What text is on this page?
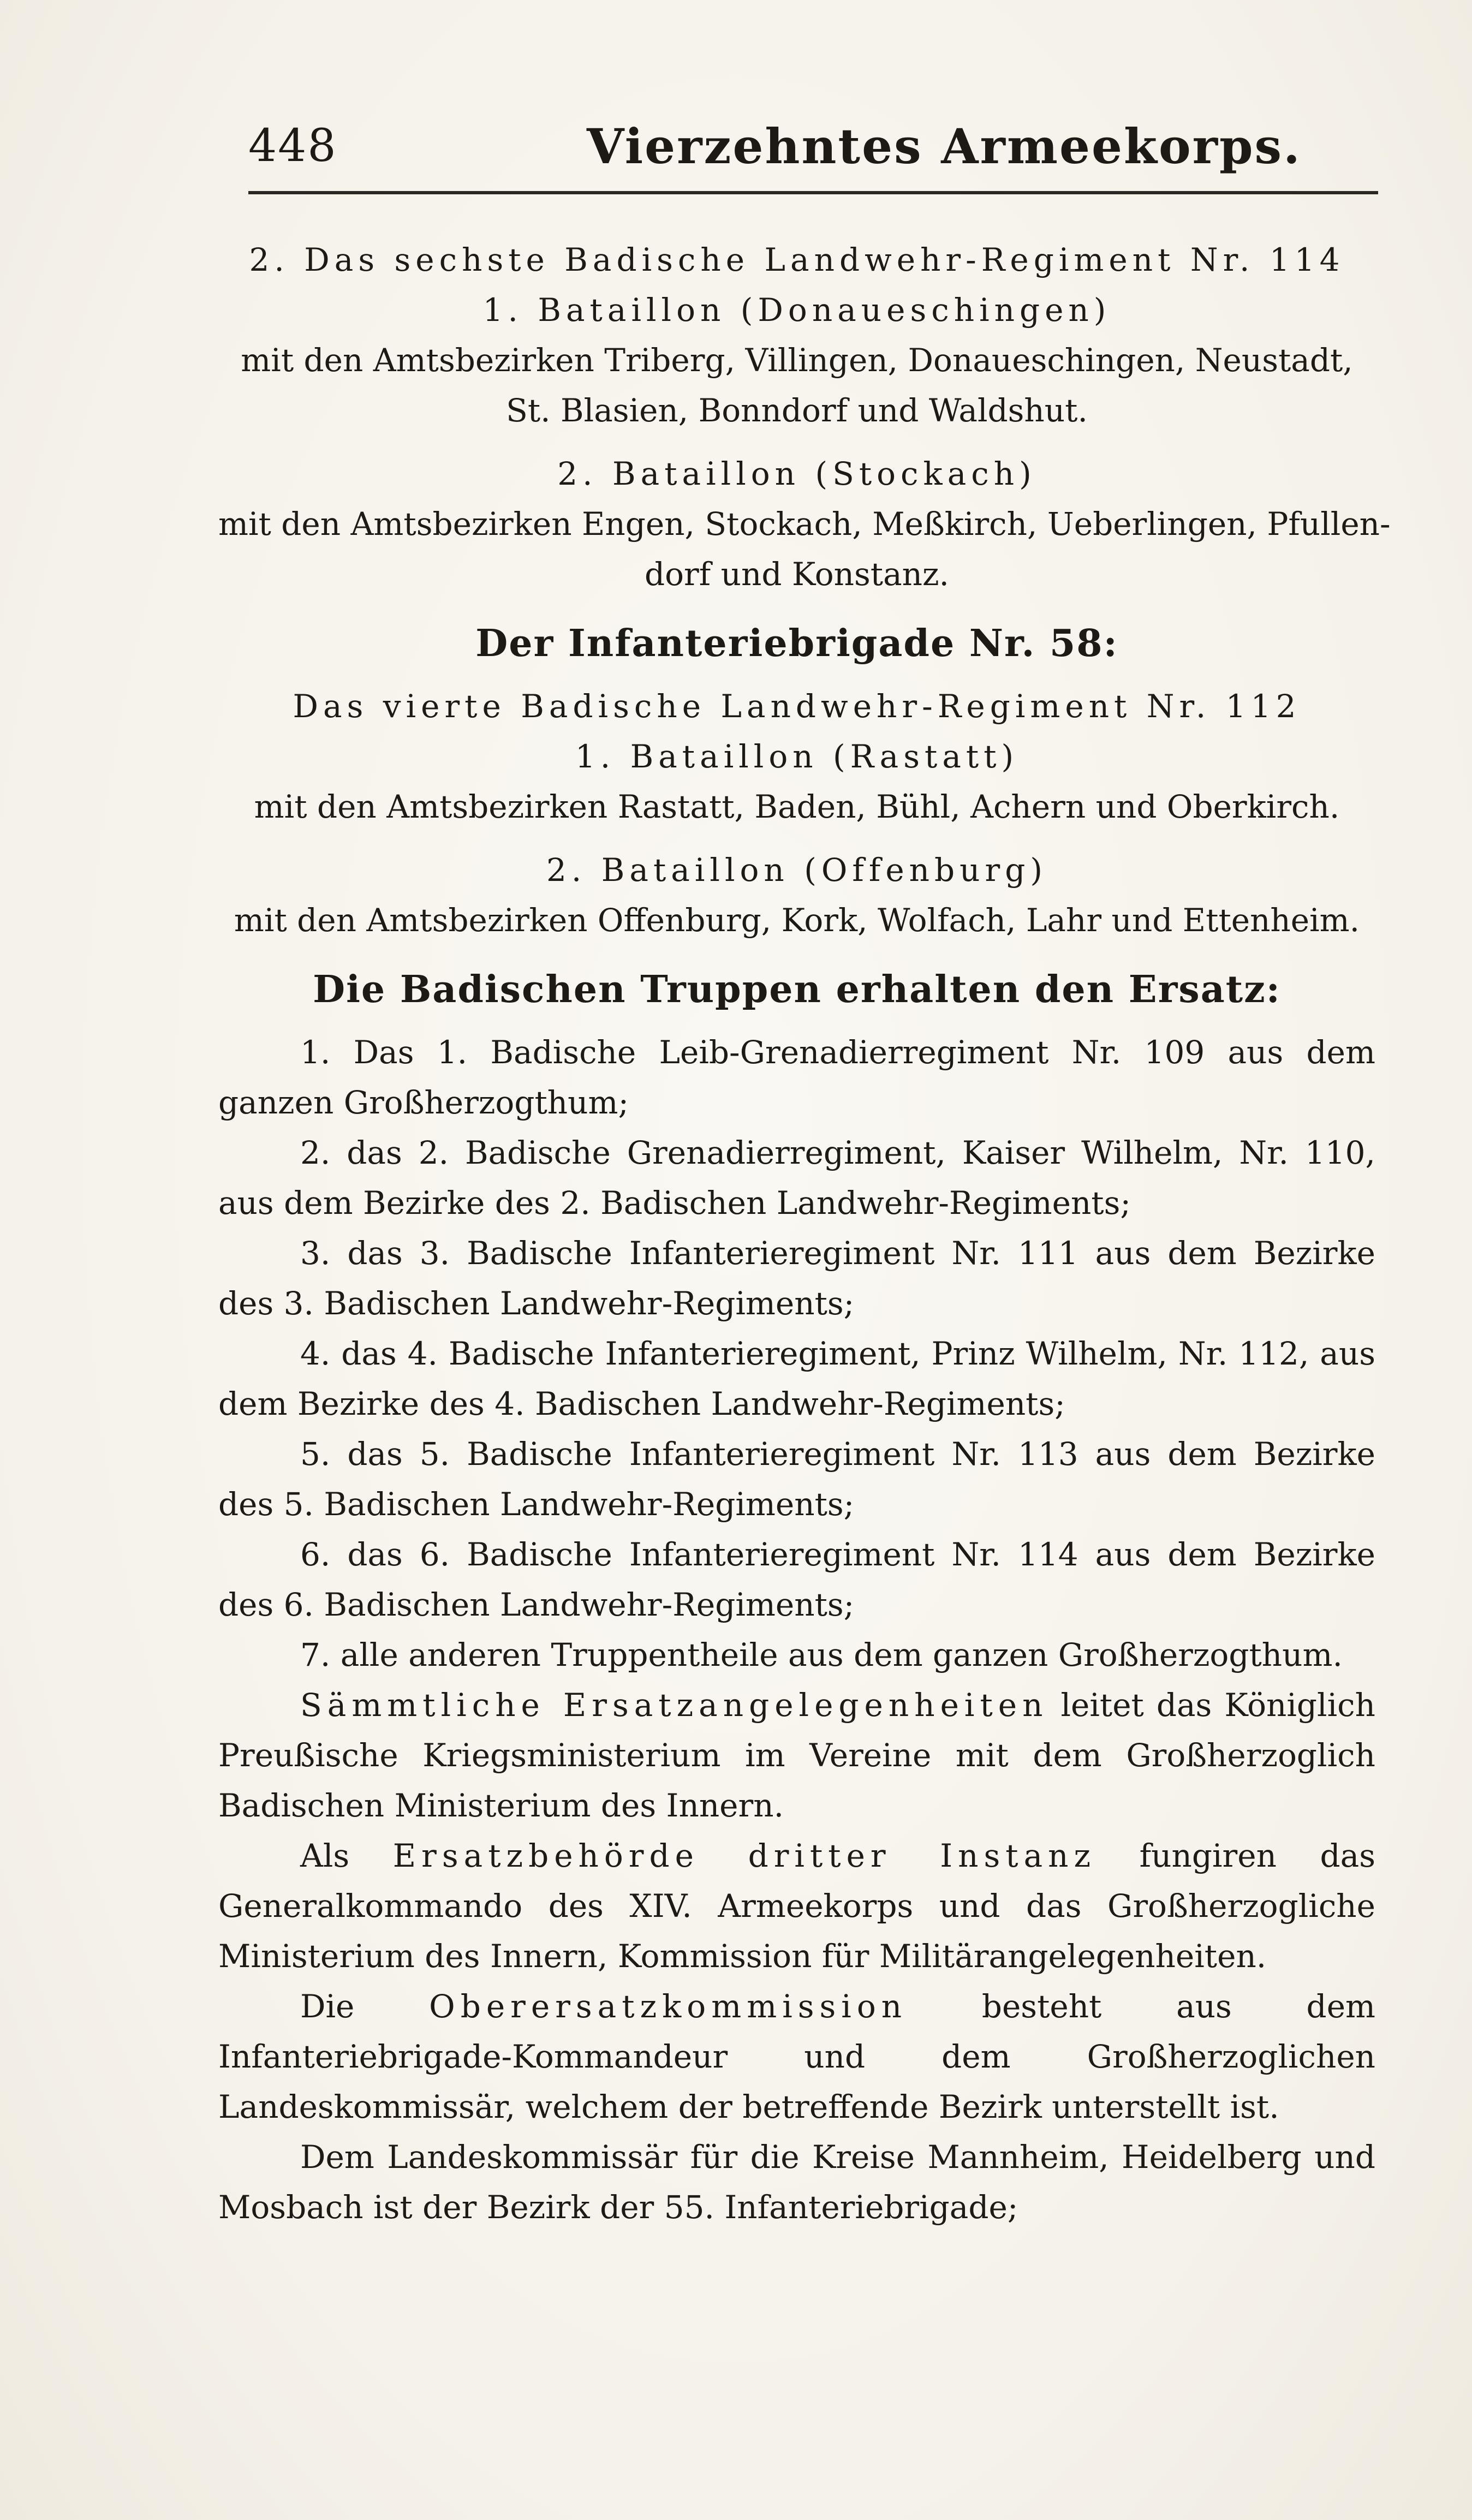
448	Vierzehntes Armeekorps.
2. Das sechste Badische Landwehr-Regiment Nr. 114
1. Bataillon (Donaueschingen)
mit den Amtsbezirken Triberg, Villingen, Donaueschingen, Neustadt,
St. Blasien, Bonndorf und Waldshut.
2. Bataillon (Stockach)
mit den Amtsbezirken Engen, Stockach, Meßkirch, Ueberlingen, Pfullen-
dorf und Konstanz.
Der Infanteriebrigade Nr. 58:
Das vierte Badische Landwehr-Regiment Nr. 112
1. Bataillon (Rastatt)
mit den Amtsbezirken Rastatt, Baden, Bühl, Achern und Oberkirch.
2. Bataillon (Offenburg)
mit den Amtsbezirken Offenburg, Kork, Wolfach, Lahr und Ettenheim.
Die Badischen Truppen erhalten den Ersatz:

1. Das 1. Badische Leib-Grenadierregiment Nr. 109 aus dem ganzen Großherzogthum;

2. das 2. Badische Grenadierregiment, Kaiser Wilhelm, Nr. 110, aus dem Bezirke des 2. Badischen Landwehr-Regiments;

3. das 3. Badische Infanterieregiment Nr. 111 aus dem Bezirke des 3. Badischen Landwehr-Regiments;

4. das 4. Badische Infanterieregiment, Prinz Wilhelm, Nr. 112, aus dem Bezirke des 4. Badischen Landwehr-Regiments;

5. das 5. Badische Infanterieregiment Nr. 113 aus dem Bezirke des 5. Badischen Landwehr-Regiments;

6. das 6. Badische Infanterieregiment Nr. 114 aus dem Bezirke des 6. Badischen Landwehr-Regiments;

7. alle anderen Truppentheile aus dem ganzen Großherzogthum.

Sämmtliche Ersatzangelegenheiten leitet das Königlich Preußische Kriegsministerium im Vereine mit dem Großherzoglich Badischen Ministerium des Innern.

Als Ersatzbehörde dritter Instanz fungiren das Generalkommando des XIV. Armeekorps und das Großherzogliche Ministerium des Innern, Kommission für Militärangelegenheiten.

Die Oberersatzkommission besteht aus dem Infanteriebrigade-Kommandeur und dem Großherzoglichen Landeskommissär, welchem der betreffende Bezirk unterstellt ist.

Dem Landeskommissär für die Kreise Mannheim, Heidelberg und Mosbach ist der Bezirk der 55. Infanteriebrigade;
